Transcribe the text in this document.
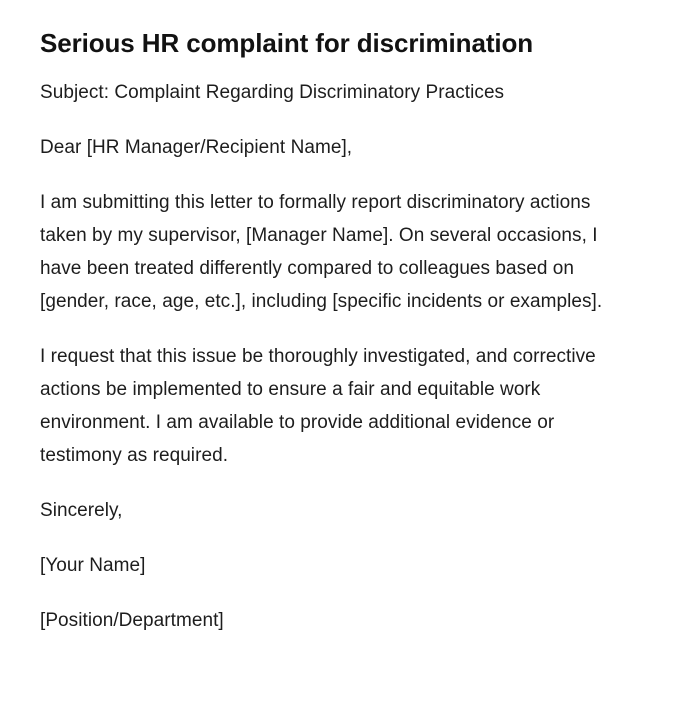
Serious HR complaint for discrimination

Subject: Complaint Regarding Discriminatory Practices

Dear [HR Manager/Recipient Name],

I am submitting this letter to formally report discriminatory actions taken by my supervisor, [Manager Name]. On several occasions, I have been treated differently compared to colleagues based on [gender, race, age, etc.], including [specific incidents or examples].

I request that this issue be thoroughly investigated, and corrective actions be implemented to ensure a fair and equitable work environment. I am available to provide additional evidence or testimony as required.

Sincerely,

[Your Name]

[Position/Department]
